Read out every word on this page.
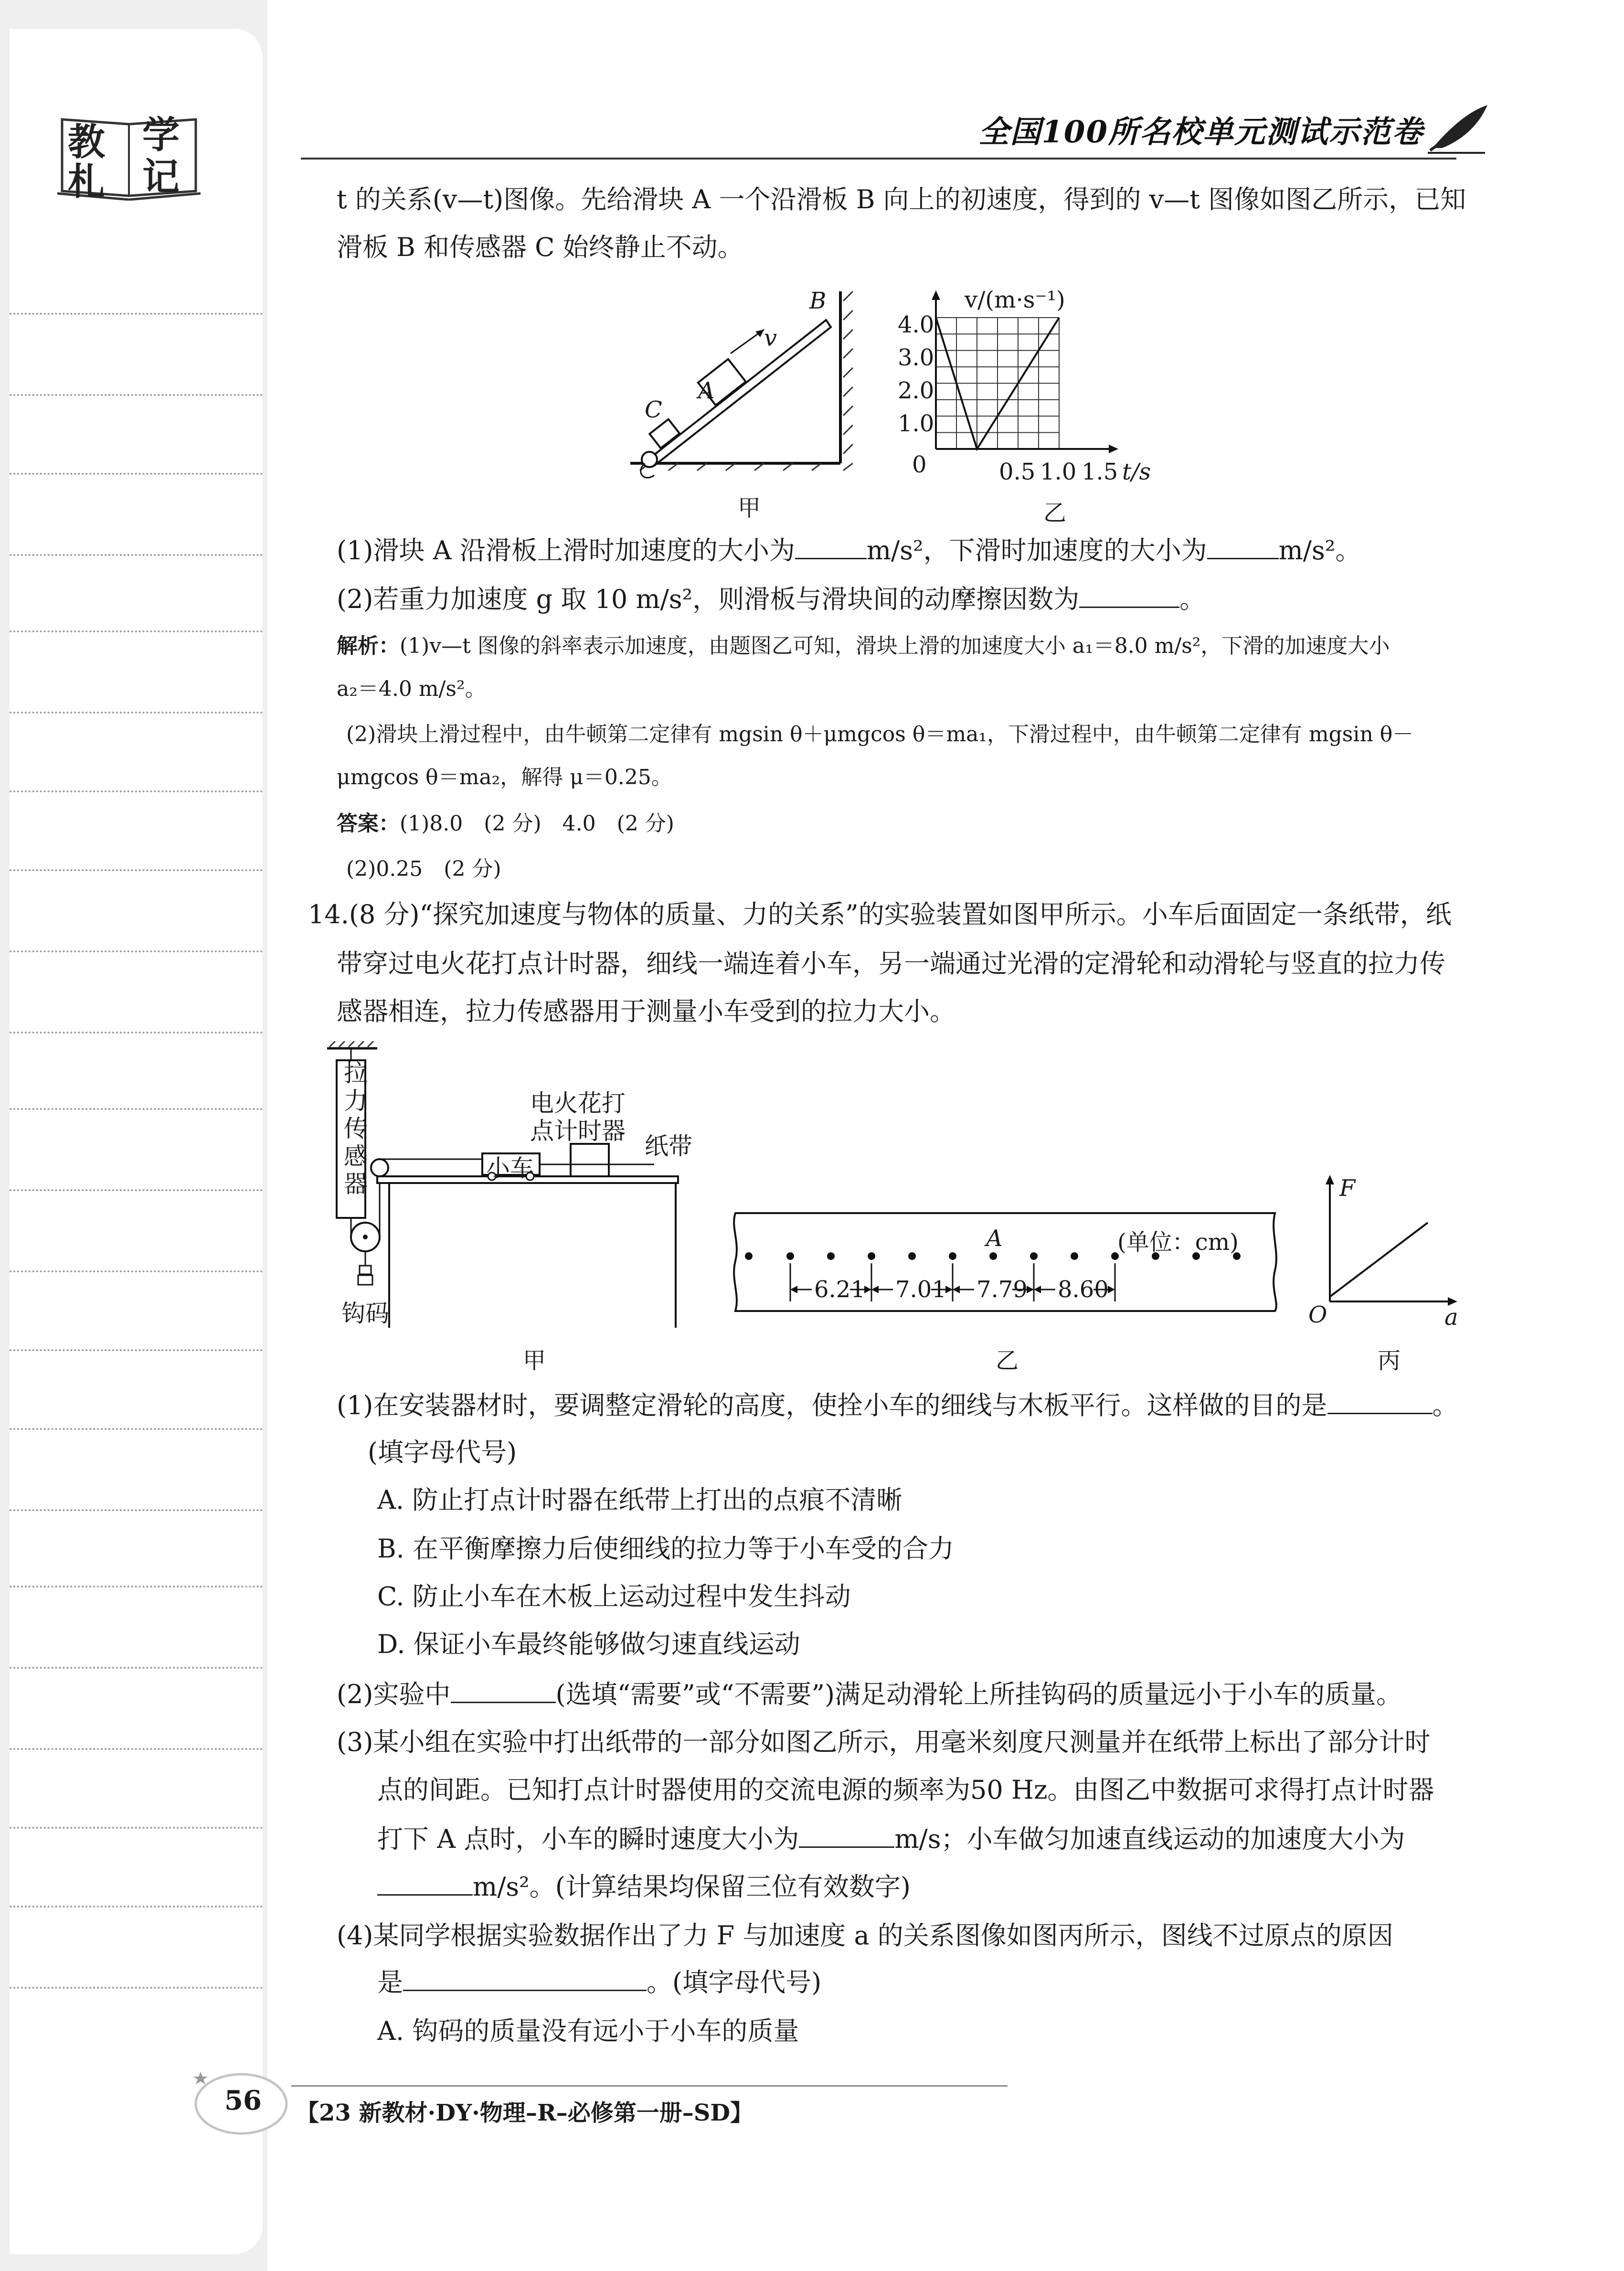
教 学
札 记
全国100所名校单元测试示范卷
t 的关系(v—t)图像。先给滑块 A 一个沿滑板 B 向上的初速度，得到的 v—t 图像如图乙所示，已知
滑板 B 和传感器 C 始终静止不动。
B
A
C
v
甲
v/(m·s⁻¹)
4.0
3.0
2.0
1.0
0	0.5 1.0 1.5 t/s
乙
(1)滑块 A 沿滑板上滑时加速度的大小为	m/s²，下滑时加速度的大小为	m/s²。
(2)若重力加速度 g 取 10 m/s²，则滑板与滑块间的动摩擦因数为	。
解析：(1)v—t 图像的斜率表示加速度，由题图乙可知，滑块上滑的加速度大小 a₁＝8.0 m/s²，下滑的加速度大小
a₂＝4.0 m/s²。
(2)滑块上滑过程中，由牛顿第二定律有 mgsin θ＋μmgcos θ＝ma₁，下滑过程中，由牛顿第二定律有 mgsin θ－
μmgcos θ＝ma₂，解得 μ＝0.25。
答案：(1)8.0　(2 分)　4.0　(2 分)
(2)0.25　(2 分)
14.(8 分)“探究加速度与物体的质量、力的关系”的实验装置如图甲所示。小车后面固定一条纸带，纸
带穿过电火花打点计时器，细线一端连着小车，另一端通过光滑的定滑轮和动滑轮与竖直的拉力传
感器相连，拉力传感器用于测量小车受到的拉力大小。
拉力传感器
电火花打
点计时器
小车
纸带
钩码
甲
(单位：cm)
A
6.21 7.01 7.79 8.60
乙
F
O	a
丙
(1)在安装器材时，要调整定滑轮的高度，使拴小车的细线与木板平行。这样做的目的是	。
(填字母代号)
A. 防止打点计时器在纸带上打出的点痕不清晰
B. 在平衡摩擦力后使细线的拉力等于小车受的合力
C. 防止小车在木板上运动过程中发生抖动
D. 保证小车最终能够做匀速直线运动
(2)实验中	(选填“需要”或“不需要”)满足动滑轮上所挂钩码的质量远小于小车的质量。
(3)某小组在实验中打出纸带的一部分如图乙所示，用毫米刻度尺测量并在纸带上标出了部分计时
点的间距。已知打点计时器使用的交流电源的频率为50 Hz。由图乙中数据可求得打点计时器
打下 A 点时，小车的瞬时速度大小为	m/s；小车做匀加速直线运动的加速度大小为
m/s²。(计算结果均保留三位有效数字)
(4)某同学根据实验数据作出了力 F 与加速度 a 的关系图像如图丙所示，图线不过原点的原因
是	。(填字母代号)
A. 钩码的质量没有远小于小车的质量
56 【23 新教材·DY·物理–R–必修第一册–SD】
